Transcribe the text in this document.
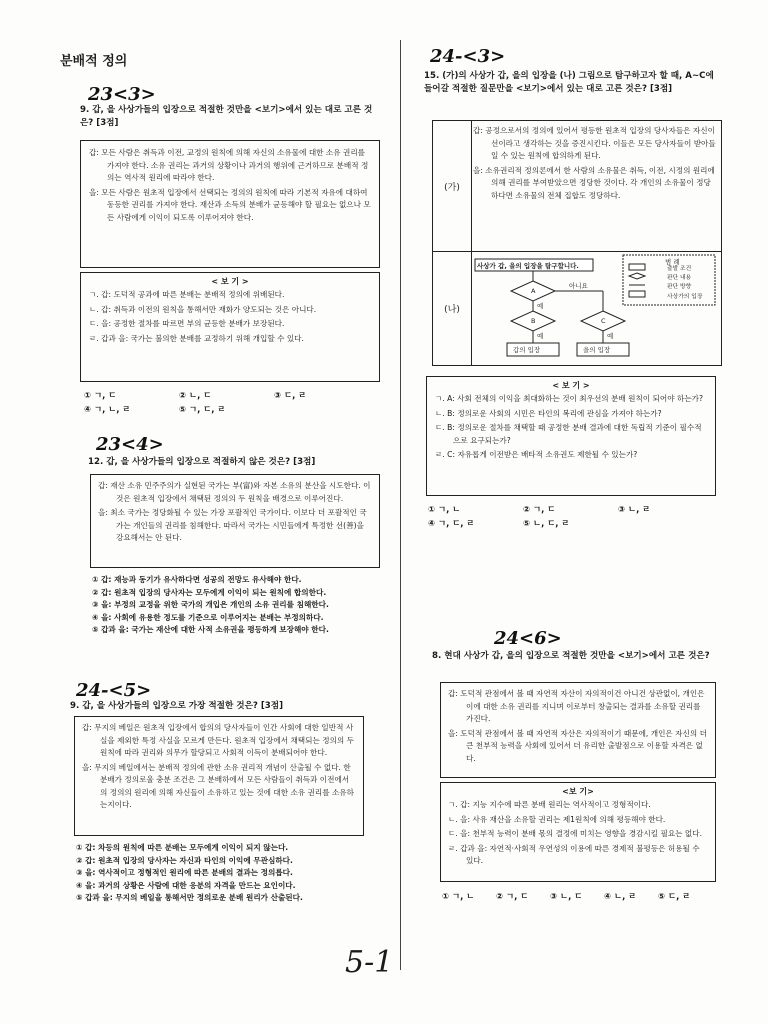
분배적 정의
23<3>
9. 갑, 을 사상가들의 입장으로 적절한 것만을 <보기>에서 있는 대로 고른 것은? [3점]

갑: 모든 사람은 취득과 이전, 교정의 원칙에 의해 자신의 소유물에 대한 소유 권리를 가져야 한다. 소유 권리는 과거의 상황이나 과거의 행위에 근거하므로 분배적 정의는 역사적 원리에 따라야 한다.

을: 모든 사람은 원초적 입장에서 선택되는 정의의 원칙에 따라 기본적 자유에 대하여 동등한 권리를 가져야 한다. 재산과 소득의 분배가 균등해야 할 필요는 없으나 모든 사람에게 이익이 되도록 이루어져야 한다.

< 보 기 >

ㄱ. 갑: 도덕적 공과에 따른 분배는 분배적 정의에 위배된다.

ㄴ. 갑: 취득과 이전의 원칙을 통해서만 재화가 양도되는 것은 아니다.

ㄷ. 을: 공정한 절차를 따르면 부의 균등한 분배가 보장된다.

ㄹ. 갑과 을: 국가는 불의한 분배를 교정하기 위해 개입할 수 있다.

① ㄱ, ㄷ	② ㄴ, ㄷ	③ ㄷ, ㄹ
④ ㄱ, ㄴ, ㄹ	⑤ ㄱ, ㄷ, ㄹ
23<4>
12. 갑, 을 사상가들의 입장으로 적절하지 않은 것은? [3점]

갑: 재산 소유 민주주의가 실현된 국가는 부(富)와 자본 소유의 분산을 시도한다. 이것은 원초적 입장에서 채택된 정의의 두 원칙을 배경으로 이루어진다.

을: 최소 국가는 정당화될 수 있는 가장 포괄적인 국가이다. 이보다 더 포괄적인 국가는 개인들의 권리를 침해한다. 따라서 국가는 시민들에게 특정한 선(善)을 강요해서는 안 된다.

① 갑: 재능과 동기가 유사하다면 성공의 전망도 유사해야 한다.

② 갑: 원초적 입장의 당사자는 모두에게 이익이 되는 원칙에 합의한다.

③ 을: 부정의 교정을 위한 국가의 개입은 개인의 소유 권리를 침해한다.

④ 을: 사회에 유용한 정도를 기준으로 이루어지는 분배는 부정의하다.

⑤ 갑과 을: 국가는 재산에 대한 사적 소유권을 평등하게 보장해야 한다.

24-<5>
9. 갑, 을 사상가들의 입장으로 가장 적절한 것은? [3점]

갑: 무지의 베일은 원초적 입장에서 합의의 당사자들이 인간 사회에 대한 일반적 사실을 제외한 특정 사실을 모르게 만든다. 원초적 입장에서 채택되는 정의의 두 원칙에 따라 권리와 의무가 할당되고 사회적 이득이 분배되어야 한다.

을: 무지의 베일에서는 분배적 정의에 관한 소유 권리적 개념이 산출될 수 없다. 한 분배가 정의로울 충분 조건은 그 분배하에서 모든 사람들이 취득과 이전에서의 정의의 원리에 의해 자신들이 소유하고 있는 것에 대한 소유 권리를 소유하는지이다.

① 갑: 차등의 원칙에 따른 분배는 모두에게 이익이 되지 않는다.

② 갑: 원초적 입장의 당사자는 자신과 타인의 이익에 무관심하다.

③ 을: 역사적이고 정형적인 원리에 따른 분배의 결과는 정의롭다.

④ 을: 과거의 상황은 사람에 대한 응분의 자격을 만드는 요인이다.

⑤ 갑과 을: 무지의 베일을 통해서만 정의로운 분배 원리가 산출된다.

24-<3>
15. (가)의 사상가 갑, 을의 입장을 (나) 그림으로 탐구하고자 할 때, A~C에 들어갈 적절한 질문만을 <보기>에서 있는 대로 고른 것은? [3점]
(가)

갑: 공정으로서의 정의에 있어서 평등한 원초적 입장의 당사자들은 자신이 선이라고 생각하는 것을 증진시킨다. 이들은 모든 당사자들이 받아들일 수 있는 원칙에 합의하게 된다.

을: 소유권리적 정의론에서 한 사람의 소유물은 취득, 이전, 시정의 원리에 의해 권리를 부여받았으면 정당한 것이다. 각 개인의 소유물이 정당하다면 소유물의 전체 집합도 정당하다.

(나)
사상가 갑, 을의 입장을 탐구합니다.
A
B	C
예
예	예
아니요
갑의 입장	을의 입장
범 례
출발 조건
판단 내용
판단 방향
사상가의 입장
< 보 기 >

ㄱ. A: 사회 전체의 이익을 최대화하는 것이 최우선의 분배 원칙이 되어야 하는가?

ㄴ. B: 정의로운 사회의 시민은 타인의 복리에 관심을 가져야 하는가?

ㄷ. B: 정의로운 절차를 채택할 때 공정한 분배 결과에 대한 독립적 기준이 필수적으로 요구되는가?

ㄹ. C: 자유롭게 이전받은 배타적 소유권도 제한될 수 있는가?

① ㄱ, ㄴ	② ㄱ, ㄷ	③ ㄴ, ㄹ
④ ㄱ, ㄷ, ㄹ	⑤ ㄴ, ㄷ, ㄹ
24<6>
8. 현대 사상가 갑, 을의 입장으로 적절한 것만을 <보기>에서 고른 것은?

갑: 도덕적 관점에서 볼 때 자연적 자산이 자의적이건 아니건 상관없이, 개인은 이에 대한 소유 권리를 지니며 이로부터 창출되는 결과를 소유할 권리를 가진다.

을: 도덕적 관점에서 볼 때 자연적 자산은 자의적이기 때문에, 개인은 자신의 더 큰 천부적 능력을 사회에 있어서 더 유리한 출발점으로 이용할 자격은 없다.

<보 기>

ㄱ. 갑: 지능 지수에 따른 분배 원리는 역사적이고 정형적이다.

ㄴ. 을: 사유 재산을 소유할 권리는 제1원칙에 의해 평등해야 한다.

ㄷ. 을: 천부적 능력이 분배 몫의 결정에 미치는 영향을 경감시킬 필요는 없다.

ㄹ. 갑과 을: 자연적·사회적 우연성의 이용에 따른 경제적 불평등은 허용될 수 있다.

① ㄱ, ㄴ	② ㄱ, ㄷ	③ ㄴ, ㄷ	④ ㄴ, ㄹ	⑤ ㄷ, ㄹ
5-1
